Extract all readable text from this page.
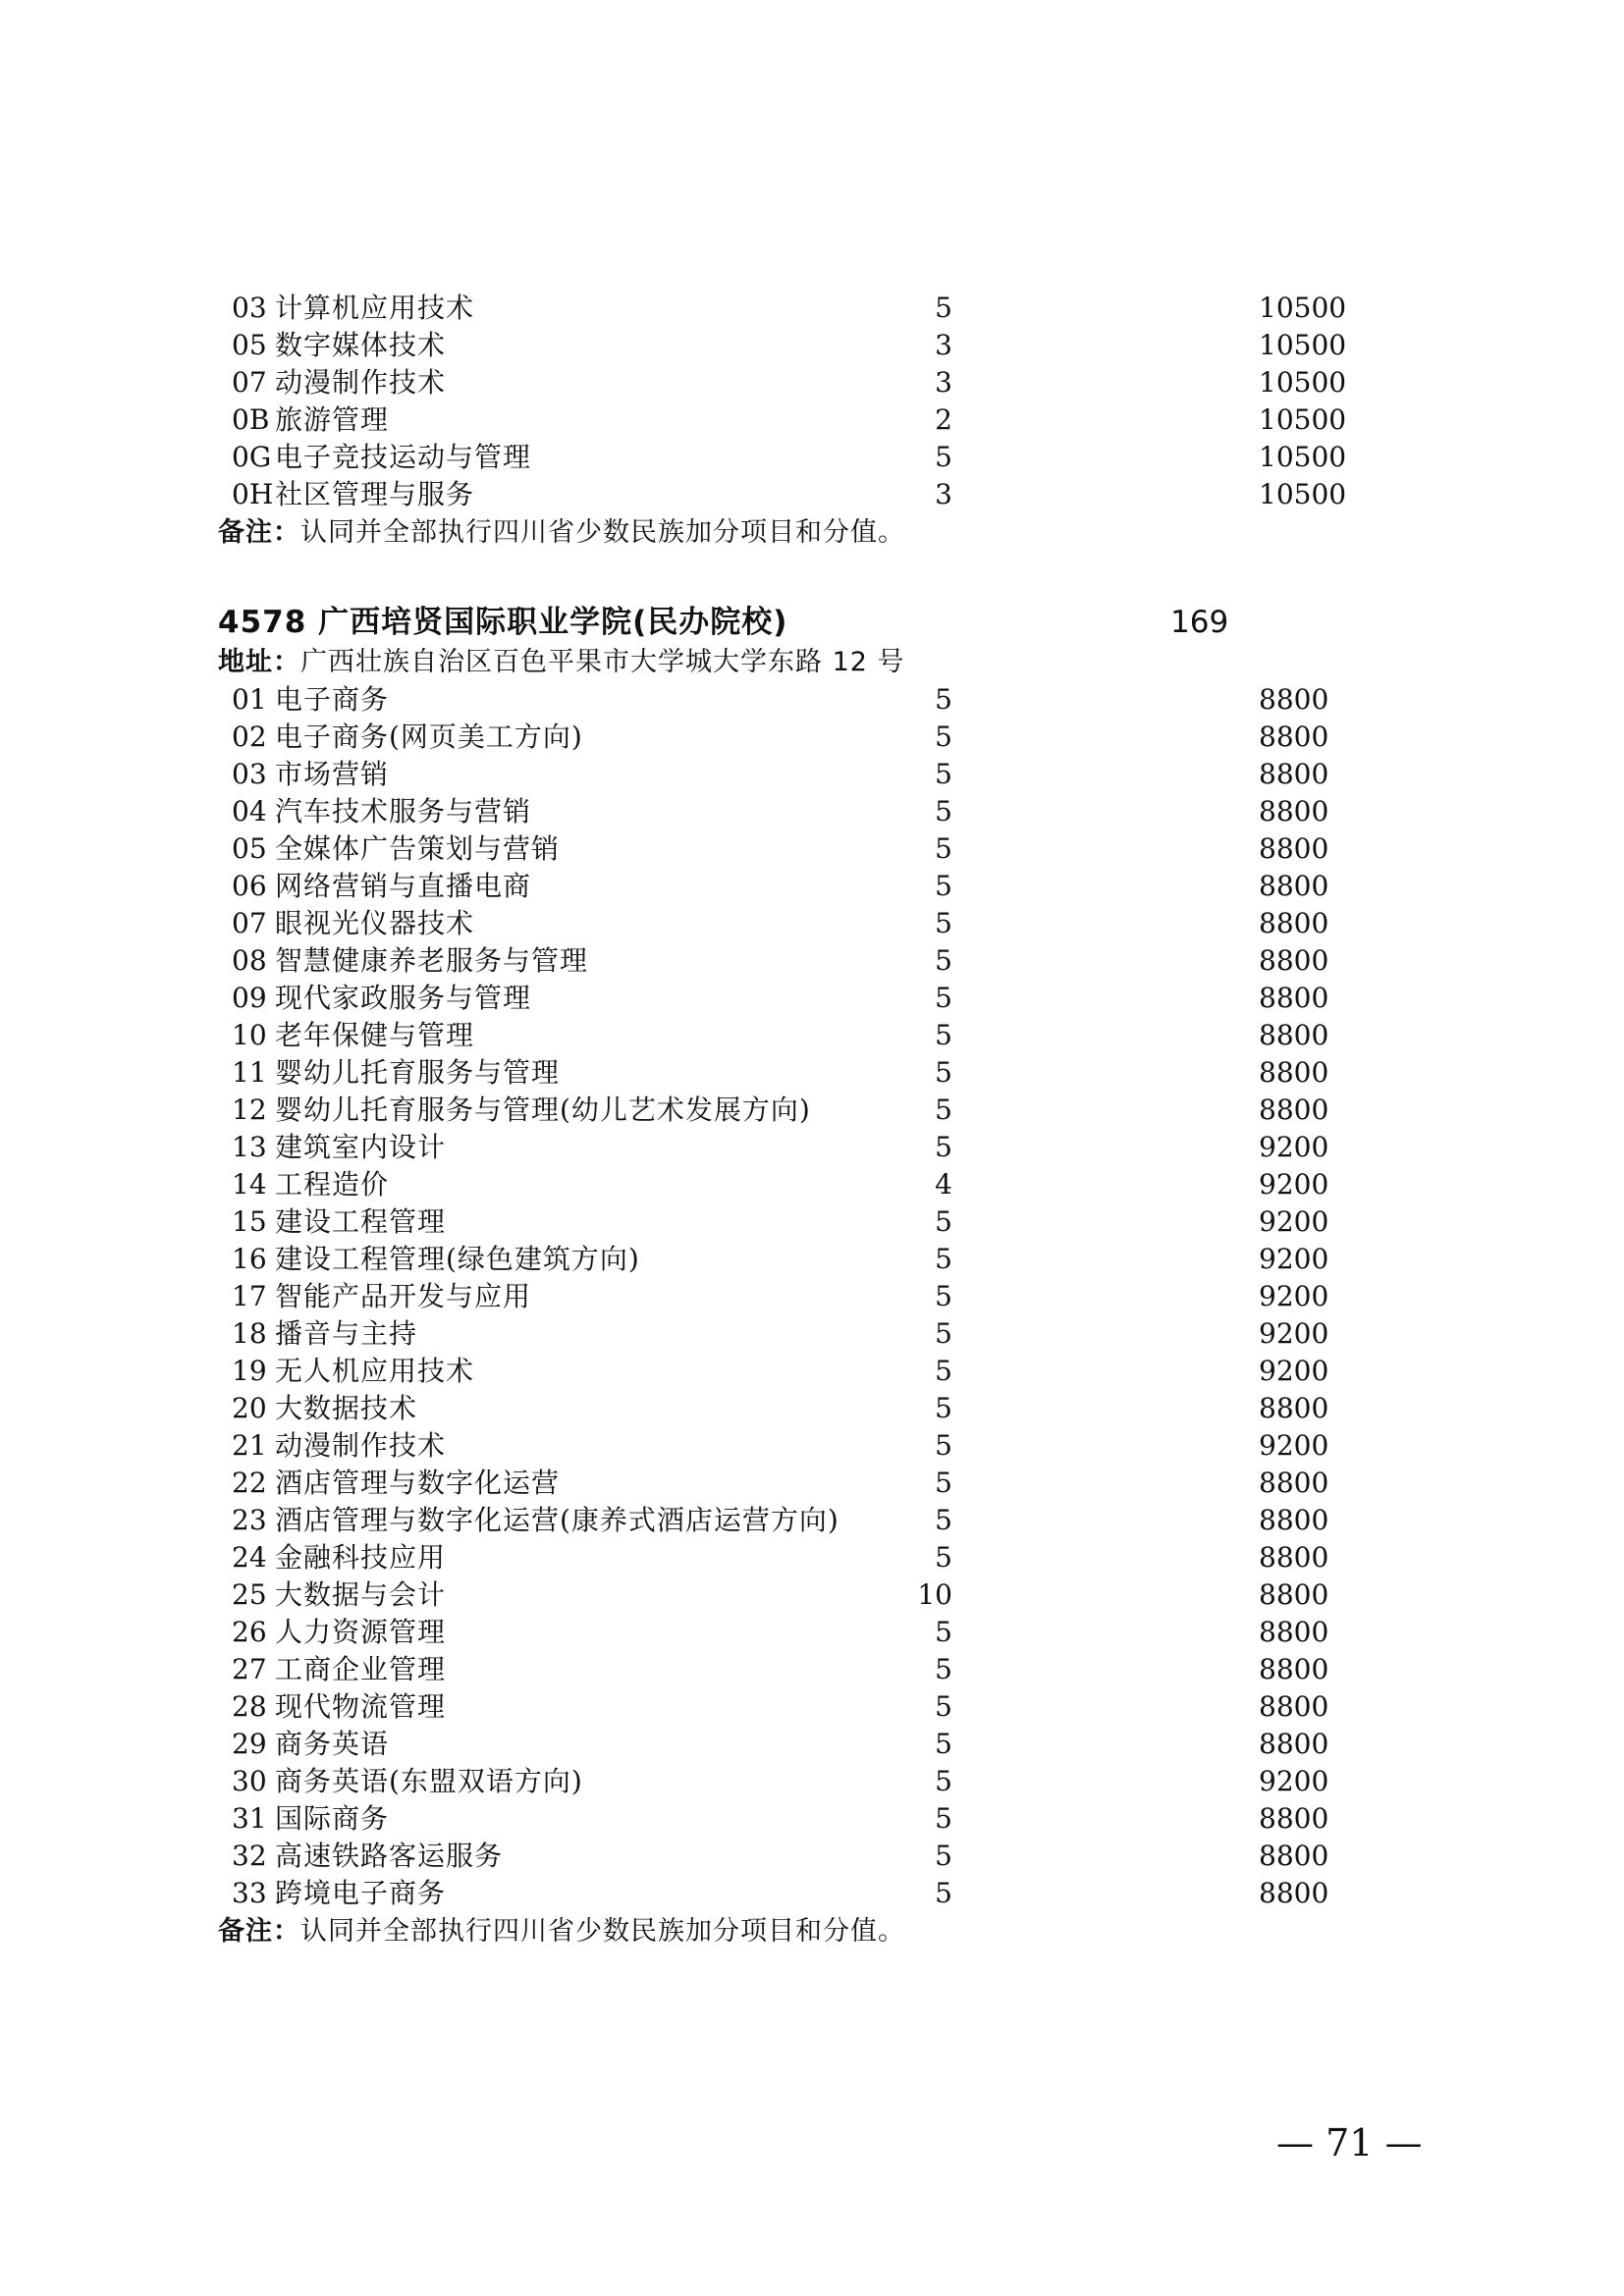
03 计算机应用技术	5	10500
05 数字媒体技术	3	10500
07 动漫制作技术	3	10500
0B 旅游管理	2	10500
0G 电子竞技运动与管理	5	10500
0H 社区管理与服务	3	10500
备注：认同并全部执行四川省少数民族加分项目和分值。
4578 广西培贤国际职业学院(民办院校)	169
地址：广西壮族自治区百色平果市大学城大学东路 12 号
01 电子商务	5	8800
02 电子商务(网页美工方向)	5	8800
03 市场营销	5	8800
04 汽车技术服务与营销	5	8800
05 全媒体广告策划与营销	5	8800
06 网络营销与直播电商	5	8800
07 眼视光仪器技术	5	8800
08 智慧健康养老服务与管理	5	8800
09 现代家政服务与管理	5	8800
10 老年保健与管理	5	8800
11 婴幼儿托育服务与管理	5	8800
12 婴幼儿托育服务与管理(幼儿艺术发展方向)	5	8800
13 建筑室内设计	5	9200
14 工程造价	4	9200
15 建设工程管理	5	9200
16 建设工程管理(绿色建筑方向)	5	9200
17 智能产品开发与应用	5	9200
18 播音与主持	5	9200
19 无人机应用技术	5	9200
20 大数据技术	5	8800
21 动漫制作技术	5	9200
22 酒店管理与数字化运营	5	8800
23 酒店管理与数字化运营(康养式酒店运营方向)	5	8800
24 金融科技应用	5	8800
25 大数据与会计	10	8800
26 人力资源管理	5	8800
27 工商企业管理	5	8800
28 现代物流管理	5	8800
29 商务英语	5	8800
30 商务英语(东盟双语方向)	5	9200
31 国际商务	5	8800
32 高速铁路客运服务	5	8800
33 跨境电子商务	5	8800
备注：认同并全部执行四川省少数民族加分项目和分值。
— 71 —
